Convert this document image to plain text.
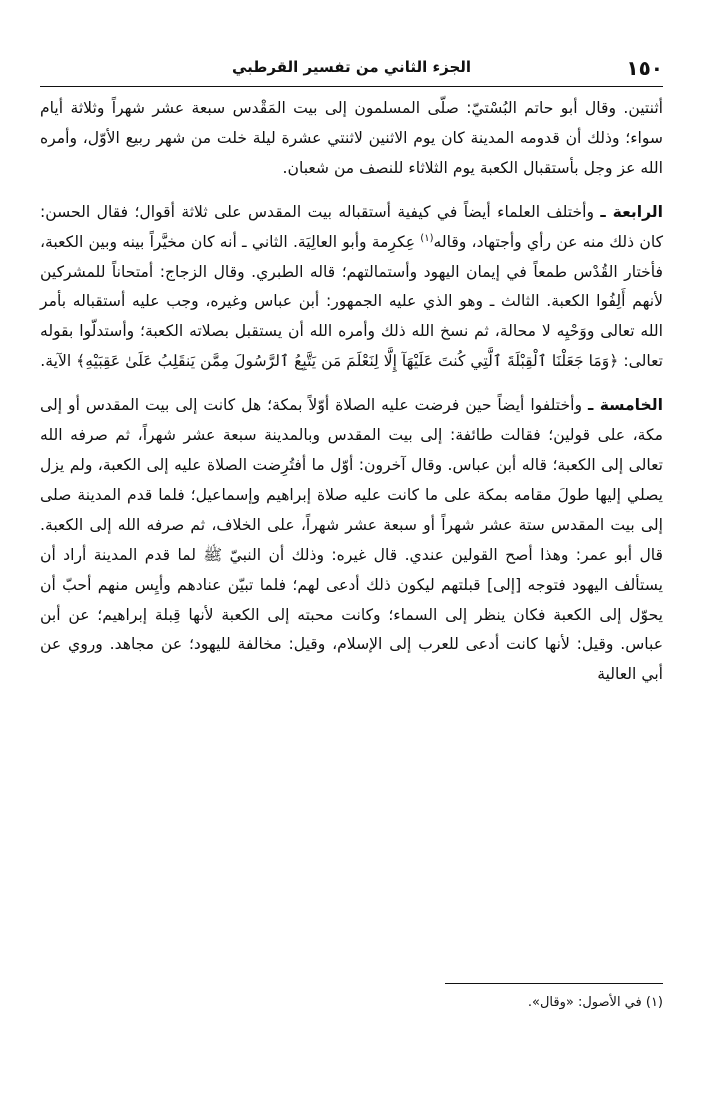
١٥٠
الجزء الثاني من تفسير القرطبي

أثنتين. وقال أبو حاتم البُسْتيّ: صلّى المسلمون إلى بيت المَقْدس سبعة عشر شهراً وثلاثة أيام سواء؛ وذلك أن قدومه المدينة كان يوم الاثنين لاثنتي عشرة ليلة خلت من شهر ربيع الأوّل، وأمره الله عز وجل بأستقبال الكعبة يوم الثلاثاء للنصف من شعبان.

الرابعة ـ وأختلف العلماء أيضاً في كيفية أستقباله بيت المقدس على ثلاثة أقوال؛ فقال الحسن: كان ذلك منه عن رأي وأجتهاد، وقاله$^{(١)}$ عِكرِمة وأبو العالِيَة. الثاني ـ أنه كان مخيَّراً بينه وبين الكعبة، فأختار القُدْس طمعاً في إيمان اليهود وأستمالتهم؛ قاله الطبري. وقال الزجاج: أمتحاناً للمشركين لأنهم أَلِفُوا الكعبة. الثالث ـ وهو الذي عليه الجمهور: أبن عباس وغيره، وجب عليه أستقباله بأمر الله تعالى ووَحْيِه لا محالة، ثم نسخ الله ذلك وأمره الله أن يستقبل بصلاته الكعبة؛ وأستدلّوا بقوله تعالى: ﴿وَمَا جَعَلْنَا ٱلْقِبْلَةَ ٱلَّتِي كُنتَ عَلَيْهَآ إِلَّا لِنَعْلَمَ مَن يَتَّبِعُ ٱلرَّسُولَ مِمَّن يَنقَلِبُ عَلَىٰ عَقِبَيْهِ﴾ الآية.

الخامسة ـ وأختلفوا أيضاً حين فرضت عليه الصلاة أوّلاً بمكة؛ هل كانت إلى بيت المقدس أو إلى مكة، على قولين؛ فقالت طائفة: إلى بيت المقدس وبالمدينة سبعة عشر شهراً، ثم صرفه الله تعالى إلى الكعبة؛ قاله أبن عباس. وقال آخرون: أوّل ما أفتُرِضت الصلاة عليه إلى الكعبة، ولم يزل يصلي إليها طولَ مقامه بمكة على ما كانت عليه صلاة إبراهيم وإسماعيل؛ فلما قدم المدينة صلى إلى بيت المقدس ستة عشر شهراً أو سبعة عشر شهراً، على الخلاف، ثم صرفه الله إلى الكعبة. قال أبو عمر: وهذا أصح القولين عندي. قال غيره: وذلك أن النبيّ ﷺ لما قدم المدينة أراد أن يستألف اليهود فتوجه [إلى] قبلتهم ليكون ذلك أدعى لهم؛ فلما تبيّن عنادهم وأيِس منهم أحبّ أن يحوّل إلى الكعبة فكان ينظر إلى السماء؛ وكانت محبته إلى الكعبة لأنها قِبلة إبراهيم؛ عن أبن عباس. وقيل: لأنها كانت أدعى للعرب إلى الإسلام، وقيل: مخالفة لليهود؛ عن مجاهد. وروي عن أبي العالية

(١) في الأصول: «وقال».
